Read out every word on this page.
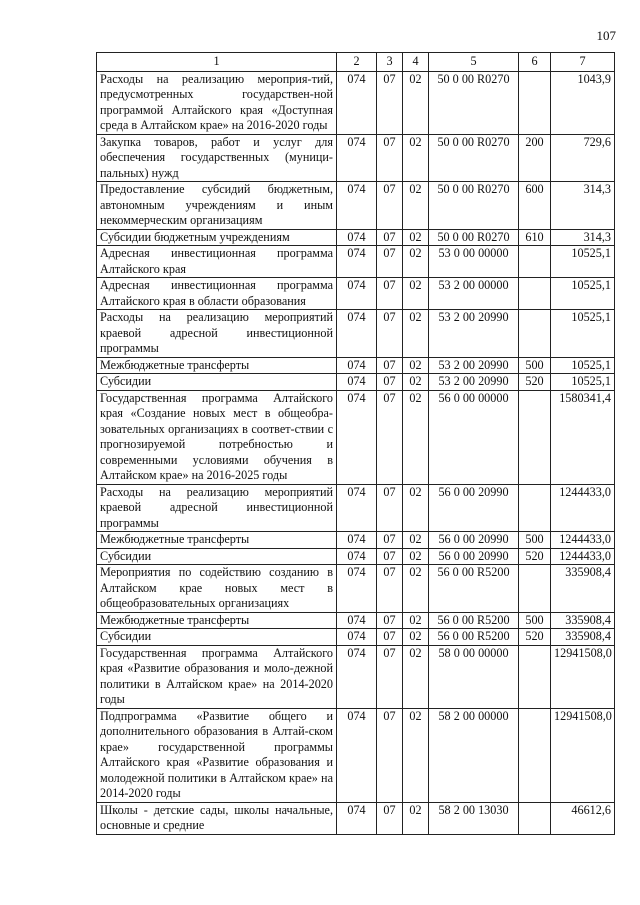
107
1	2	3	4	5	6	7
Расходы на реализацию мероприя-тий, предусмотренных государствен-ной программой Алтайского края «Доступная среда в Алтайском крае» на 2016-2020 годы	074	07	02	50 0 00 R0270		1043,9
Закупка товаров, работ и услуг для обеспечения государственных (муници-пальных) нужд	074	07	02	50 0 00 R0270	200	729,6
Предоставление субсидий бюджетным, автономным учреждениям и иным некоммерческим организациям	074	07	02	50 0 00 R0270	600	314,3
Субсидии бюджетным учреждениям	074	07	02	50 0 00 R0270	610	314,3
Адресная инвестиционная программа Алтайского края	074	07	02	53 0 00 00000		10525,1
Адресная инвестиционная программа Алтайского края в области образования	074	07	02	53 2 00 00000		10525,1
Расходы на реализацию мероприятий краевой адресной инвестиционной программы	074	07	02	53 2 00 20990		10525,1
Межбюджетные трансферты	074	07	02	53 2 00 20990	500	10525,1
Субсидии	074	07	02	53 2 00 20990	520	10525,1
Государственная программа Алтайского края «Создание новых мест в общеобра-зовательных организациях в соответ-ствии с прогнозируемой потребностью и современными условиями обучения в Алтайском крае» на 2016-2025 годы	074	07	02	56 0 00 00000		1580341,4
Расходы на реализацию мероприятий краевой адресной инвестиционной программы	074	07	02	56 0 00 20990		1244433,0
Межбюджетные трансферты	074	07	02	56 0 00 20990	500	1244433,0
Субсидии	074	07	02	56 0 00 20990	520	1244433,0
Мероприятия по содействию созданию в Алтайском крае новых мест в общеобразовательных организациях	074	07	02	56 0 00 R5200		335908,4
Межбюджетные трансферты	074	07	02	56 0 00 R5200	500	335908,4
Субсидии	074	07	02	56 0 00 R5200	520	335908,4
Государственная программа Алтайского края «Развитие образования и моло-дежной политики в Алтайском крае» на 2014-2020 годы	074	07	02	58 0 00 00000		12941508,0
Подпрограмма «Развитие общего и дополнительного образования в Алтай-ском крае» государственной программы Алтайского края «Развитие образования и молодежной политики в Алтайском крае» на 2014-2020 годы	074	07	02	58 2 00 00000		12941508,0
Школы - детские сады, школы начальные, основные и средние	074	07	02	58 2 00 13030		46612,6
